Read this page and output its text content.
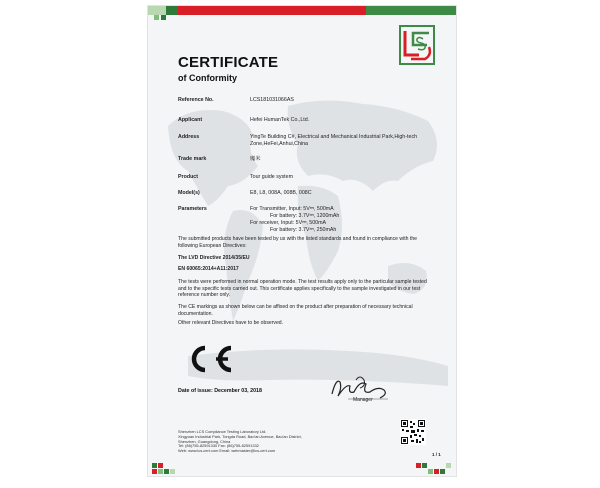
CERTIFICATE
of Conformity
Reference No.	LCS181031066AS
Applicant	Hefei HumanTek Co.,Ltd.
Address	YingTe Building C#, Electrical and Mechanical Industrial Park,High-tech Zone,HeFei,Anhui,China
Trade mark	魔米
Product	Tour guide system
Model(s)	E8, L8, 008A, 008B, 008C
Parameters	For Transmitter, Input: 5V⎓, 500mA
For battery: 3.7V⎓, 1200mAh
For receiver, Input: 5V⎓, 500mA
For battery: 3.7V⎓, 250mAh
The submitted products have been tested by us with the listed standards and found in compliance with the following European Directives:
The LVD Directive 2014/35/EU
EN 60065:2014+A11:2017
The tests were performed in normal operation mode. The test results apply only to the particular sample tested and to the specific tests carried out. This certificate applies specifically to the sample investigated in our test reference number only.
The CE markings as shown below can be affixed on the product after preparation of necessary technical documentation.
Other relevant Directives have to be observed.
Date of issue: December 03, 2018
Manager
Shenzhen LCS Compliance Testing Laboratory Ltd.
Xingyuan Industrial Park, Tongda Road, Bao'an Avenue, Bao'an District,
Shenzhen, Guangdong, China
Tel: (86)755-82591330 Fax: (86)755-82591332
Web: www.lcs-cert.com Email: webmaster@lcs-cert.com
1 / 1
